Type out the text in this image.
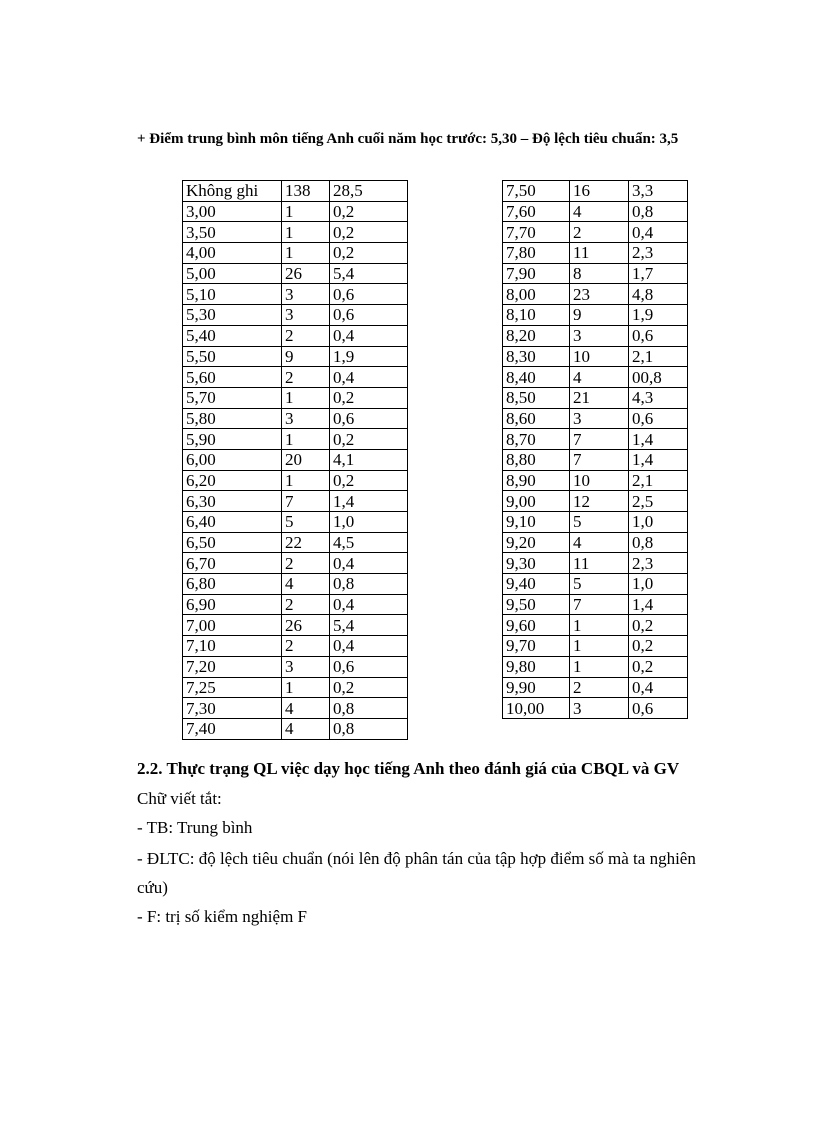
+ Điểm trung bình môn tiếng Anh cuối năm học trước: 5,30 – Độ lệch tiêu chuẩn: 3,5
Không ghi	138	28,5
3,00	1	0,2
3,50	1	0,2
4,00	1	0,2
5,00	26	5,4
5,10	3	0,6
5,30	3	0,6
5,40	2	0,4
5,50	9	1,9
5,60	2	0,4
5,70	1	0,2
5,80	3	0,6
5,90	1	0,2
6,00	20	4,1
6,20	1	0,2
6,30	7	1,4
6,40	5	1,0
6,50	22	4,5
6,70	2	0,4
6,80	4	0,8
6,90	2	0,4
7,00	26	5,4
7,10	2	0,4
7,20	3	0,6
7,25	1	0,2
7,30	4	0,8
7,40	4	0,8
7,50	16	3,3
7,60	4	0,8
7,70	2	0,4
7,80	11	2,3
7,90	8	1,7
8,00	23	4,8
8,10	9	1,9
8,20	3	0,6
8,30	10	2,1
8,40	4	00,8
8,50	21	4,3
8,60	3	0,6
8,70	7	1,4
8,80	7	1,4
8,90	10	2,1
9,00	12	2,5
9,10	5	1,0
9,20	4	0,8
9,30	11	2,3
9,40	5	1,0
9,50	7	1,4
9,60	1	0,2
9,70	1	0,2
9,80	1	0,2
9,90	2	0,4
10,00	3	0,6
2.2. Thực trạng QL việc dạy học tiếng Anh theo đánh giá của CBQL và GV
Chữ viết tắt:
- TB: Trung bình
- ĐLTC: độ lệch tiêu chuẩn (nói lên độ phân tán của tập hợp điểm số mà ta nghiên
cứu)
- F: trị số kiểm nghiệm F
